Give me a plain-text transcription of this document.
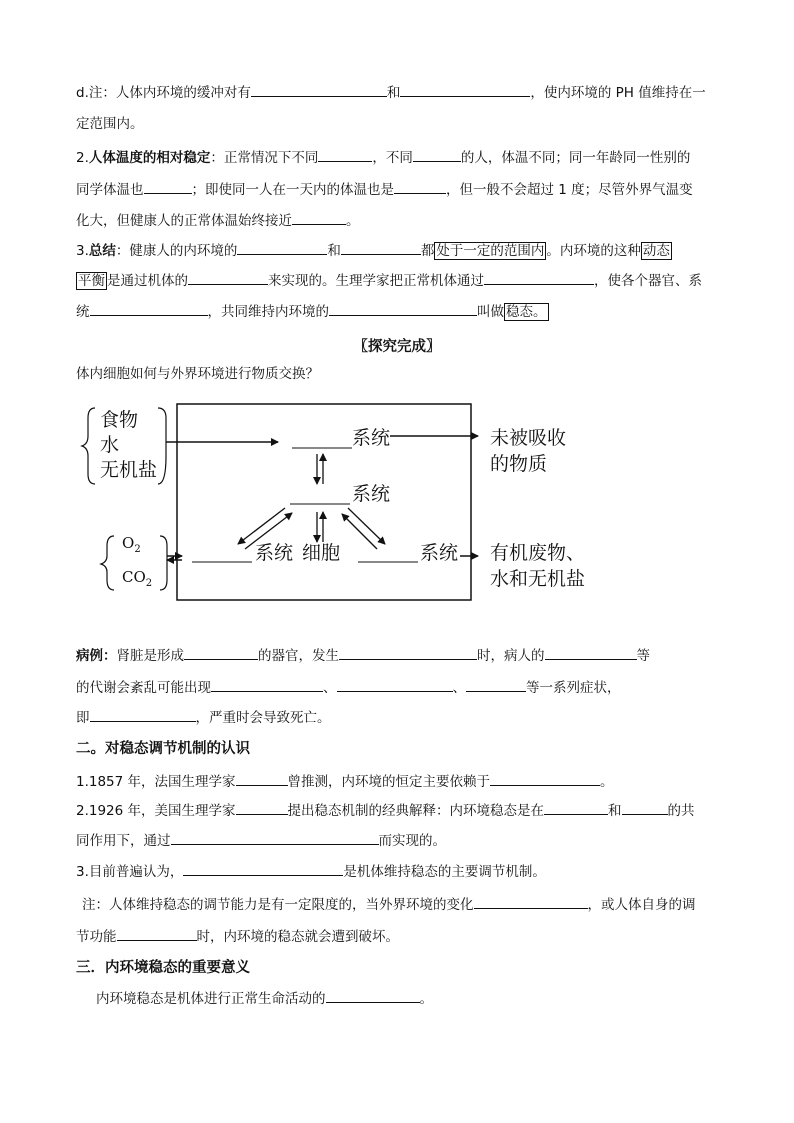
d.注：人体内环境的缓冲对有	和	，使内环境的 PH 值维持在一
定范围内。
2.人体温度的相对稳定：正常情况下不同	，不同	的人，体温不同；同一年龄同一性别的
同学体温也	；即使同一人在一天内的体温也是	，但一般不会超过 1 度；尽管外界气温变
化大，但健康人的正常体温始终接近	。
3.总结：健康人的内环境的	和	都 处于一定的范围内 。内环境的这种 动态
平衡 是通过机体的	来实现的。生理学家把正常机体通过	，使各个器官、系
统	，共同维持内环境的	叫做 稳态。
〖探究完成〗
体内细胞如何与外界环境进行物质交换？
食物
水
无机盐
系统	未被吸收
的物质
系统
$O_2$
$CO_2$
系统 细胞	系统 有机废物、
水和无机盐
病例：肾脏是形成	的器官，发生	时，病人的	等
的代谢会紊乱可能出现	、	、	等一系列症状，
即	，严重时会导致死亡。
二。对稳态调节机制的认识
1.1857 年，法国生理学家	曾推测，内环境的恒定主要依赖于	。
2.1926 年，美国生理学家	提出稳态机制的经典解释：内环境稳态是在	和	的共
同作用下，通过	而实现的。
3.目前普遍认为，	是机体维持稳态的主要调节机制。
注：人体维持稳态的调节能力是有一定限度的，当外界环境的变化	，或人体自身的调
节功能	时，内环境的稳态就会遭到破坏。
三．内环境稳态的重要意义
内环境稳态是机体进行正常生命活动的	。
